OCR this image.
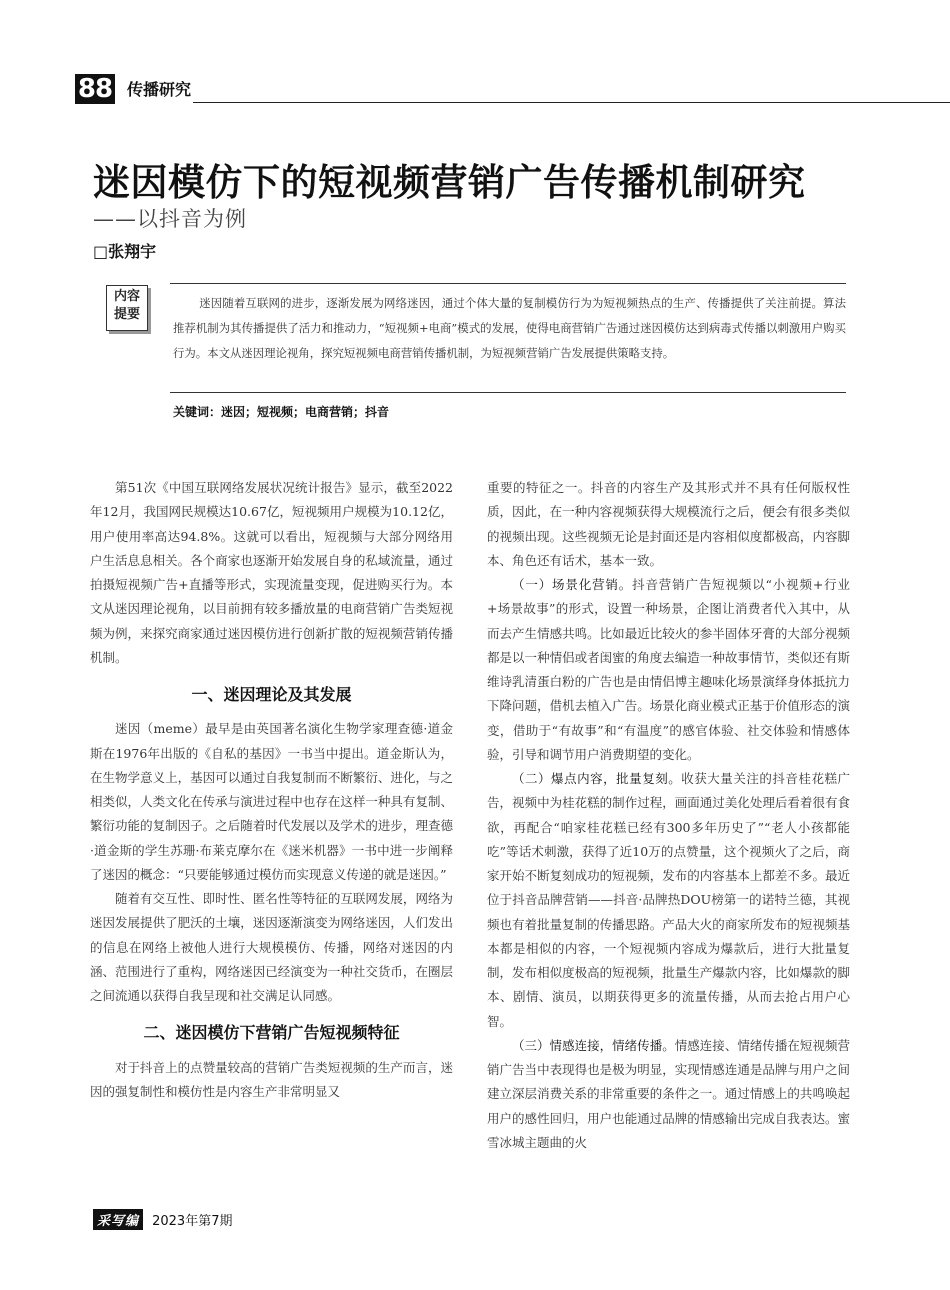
88 传播研究
迷因模仿下的短视频营销广告传播机制研究
——以抖音为例
□张翔宇
内容
提要
迷因随着互联网的进步，逐渐发展为网络迷因，通过个体大量的复制模仿行为为短视频热点的生产、传播提供了关注前提。算法推荐机制为其传播提供了活力和推动力，“短视频+电商”模式的发展，使得电商营销广告通过迷因模仿达到病毒式传播以刺激用户购买行为。本文从迷因理论视角，探究短视频电商营销传播机制，为短视频营销广告发展提供策略支持。
关键词：迷因；短视频；电商营销；抖音

第51次《中国互联网络发展状况统计报告》显示，截至2022年12月，我国网民规模达10.67亿，短视频用户规模为10.12亿，用户使用率高达94.8%。这就可以看出，短视频与大部分网络用户生活息息相关。各个商家也逐渐开始发展自身的私域流量，通过拍摄短视频广告+直播等形式，实现流量变现，促进购买行为。本文从迷因理论视角，以目前拥有较多播放量的电商营销广告类短视频为例，来探究商家通过迷因模仿进行创新扩散的短视频营销传播机制。

一、迷因理论及其发展

迷因（meme）最早是由英国著名演化生物学家理查德·道金斯在1976年出版的《自私的基因》一书当中提出。道金斯认为，在生物学意义上，基因可以通过自我复制而不断繁衍、进化，与之相类似，人类文化在传承与演进过程中也存在这样一种具有复制、繁衍功能的复制因子。之后随着时代发展以及学术的进步，理查德·道金斯的学生苏珊·布莱克摩尔在《迷米机器》一书中进一步阐释了迷因的概念：“只要能够通过模仿而实现意义传递的就是迷因。”

随着有交互性、即时性、匿名性等特征的互联网发展，网络为迷因发展提供了肥沃的土壤，迷因逐渐演变为网络迷因，人们发出的信息在网络上被他人进行大规模模仿、传播，网络对迷因的内涵、范围进行了重构，网络迷因已经演变为一种社交货币，在圈层之间流通以获得自我呈现和社交满足认同感。

二、迷因模仿下营销广告短视频特征

对于抖音上的点赞量较高的营销广告类短视频的生产而言，迷因的强复制性和模仿性是内容生产非常明显又

重要的特征之一。抖音的内容生产及其形式并不具有任何版权性质，因此，在一种内容视频获得大规模流行之后，便会有很多类似的视频出现。这些视频无论是封面还是内容相似度都极高，内容脚本、角色还有话术，基本一致。

（一）场景化营销。抖音营销广告短视频以“小视频+行业+场景故事”的形式，设置一种场景，企图让消费者代入其中，从而去产生情感共鸣。比如最近比较火的参半固体牙膏的大部分视频都是以一种情侣或者闺蜜的角度去编造一种故事情节，类似还有斯维诗乳清蛋白粉的广告也是由情侣博主趣味化场景演绎身体抵抗力下降问题，借机去植入广告。场景化商业模式正基于价值形态的演变，借助于“有故事”和“有温度”的感官体验、社交体验和情感体验，引导和调节用户消费期望的变化。

（二）爆点内容，批量复刻。收获大量关注的抖音桂花糕广告，视频中为桂花糕的制作过程，画面通过美化处理后看着很有食欲，再配合“咱家桂花糕已经有300多年历史了”“老人小孩都能吃”等话术刺激，获得了近10万的点赞量，这个视频火了之后，商家开始不断复刻成功的短视频，发布的内容基本上都差不多。最近位于抖音品牌营销——抖音·品牌热DOU榜第一的诺特兰德，其视频也有着批量复制的传播思路。产品大火的商家所发布的短视频基本都是相似的内容，一个短视频内容成为爆款后，进行大批量复制，发布相似度极高的短视频，批量生产爆款内容，比如爆款的脚本、剧情、演员，以期获得更多的流量传播，从而去抢占用户心智。

（三）情感连接，情绪传播。情感连接、情绪传播在短视频营销广告当中表现得也是极为明显，实现情感连通是品牌与用户之间建立深层消费关系的非常重要的条件之一。通过情感上的共鸣唤起用户的感性回归，用户也能通过品牌的情感输出完成自我表达。蜜雪冰城主题曲的火

采写编 2023年第7期
